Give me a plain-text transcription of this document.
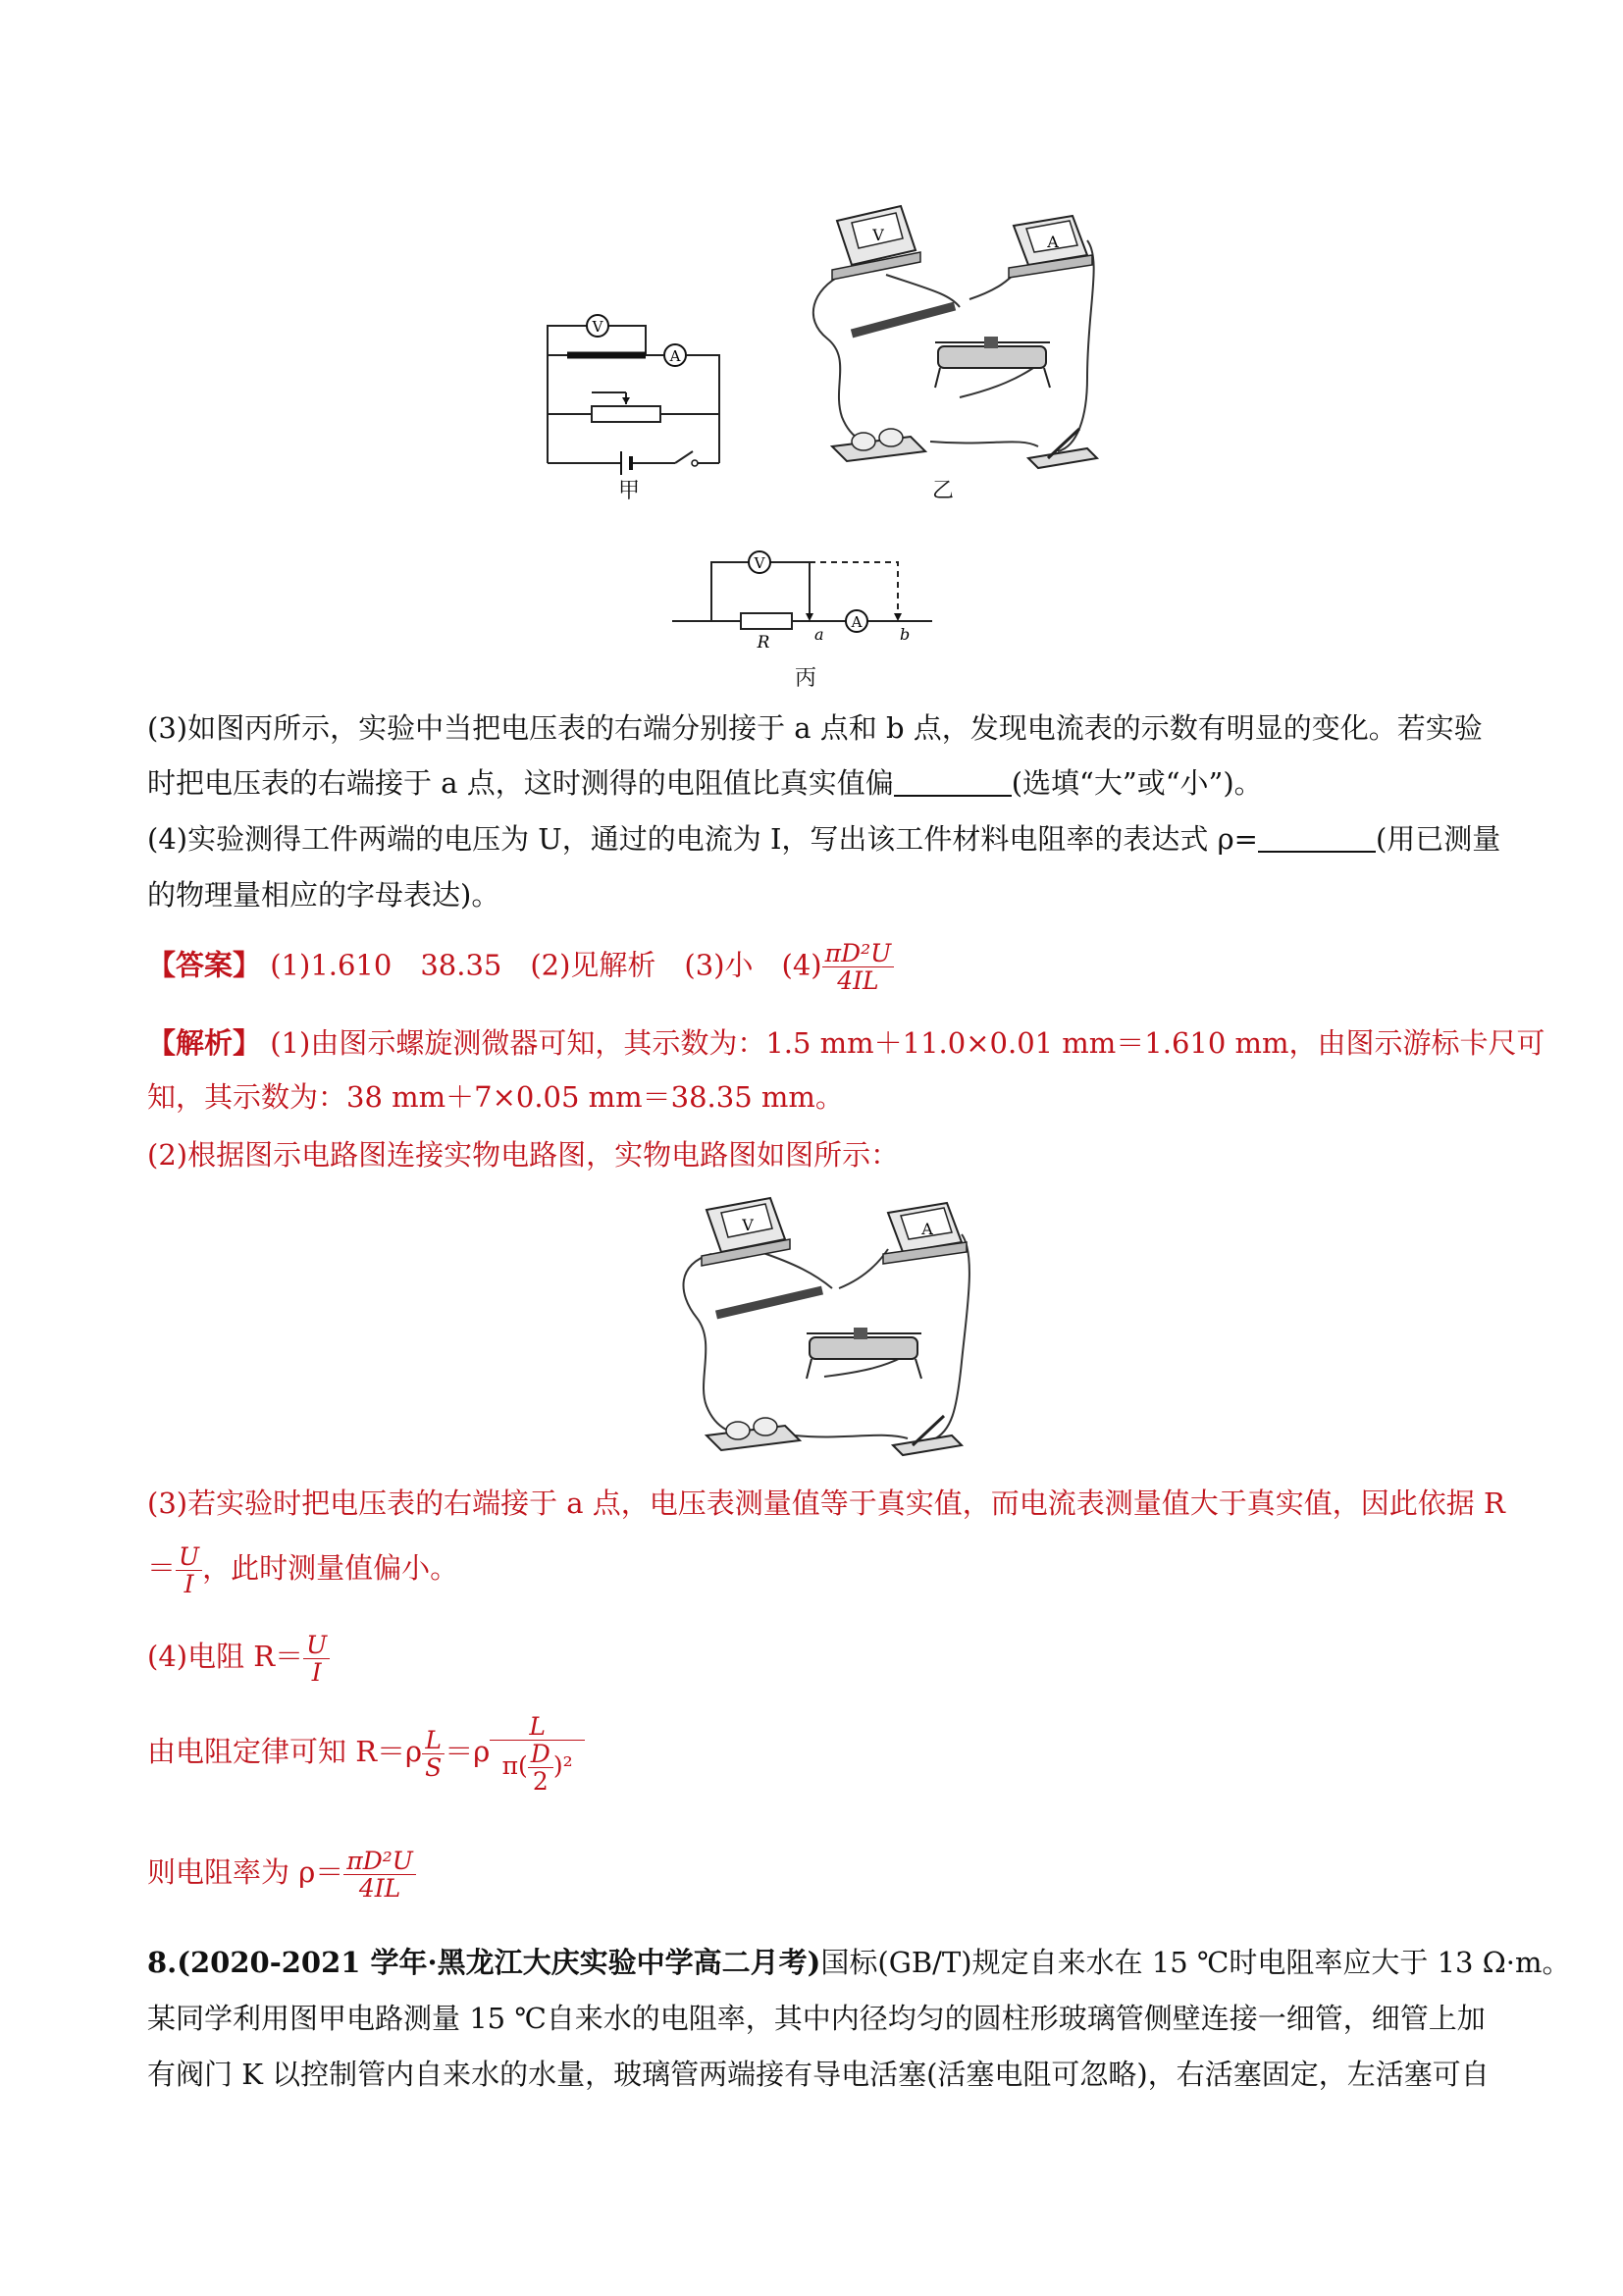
V
A
甲
V	A
乙
V
A
R	a	b
丙
(3)如图丙所示，实验中当把电压表的右端分别接于 a 点和 b 点，发现电流表的示数有明显的变化。若实验
时把电压表的右端接于 a 点，这时测得的电阻值比真实值偏	(选填“大”或“小”)。
(4)实验测得工件两端的电压为 U，通过的电流为 I，写出该工件材料电阻率的表达式 ρ=	(用已测量
的物理量相应的字母表达)。
【答案】 (1)1.610　38.35　(2)见解析　(3)小　$(4) \frac{\text{πD²U}}{4IL}$
【解析】 (1)由图示螺旋测微器可知，其示数为：1.5 mm＋11.0×0.01 mm＝1.610 mm，由图示游标卡尺可
知，其示数为：38 mm＋7×0.05 mm＝38.35 mm。
(2)根据图示电路图连接实物电路图，实物电路图如图所示：
V	A
(3)若实验时把电压表的右端接于 a 点，电压表测量值等于真实值，而电流表测量值大于真实值，因此依据 R
＝ $\frac{U}{I}$ ，此时测量值偏小。
(4)电阻 $R= \frac{U}{I}$
由电阻定律可知 $R=\rho \frac{L}{S} =\rho \frac{L}{\pi( \frac{D}{2} )^2}$
则电阻率为 $\rho= \frac{\text{πD²U}}{4IL}$
8.(2020-2021 学年·黑龙江大庆实验中学高二月考)国标(GB/T)规定自来水在 15 ℃时电阻率应大于 13 Ω·m。
某同学利用图甲电路测量 15 ℃自来水的电阻率，其中内径均匀的圆柱形玻璃管侧壁连接一细管，细管上加
有阀门 K 以控制管内自来水的水量，玻璃管两端接有导电活塞(活塞电阻可忽略)，右活塞固定，左活塞可自
